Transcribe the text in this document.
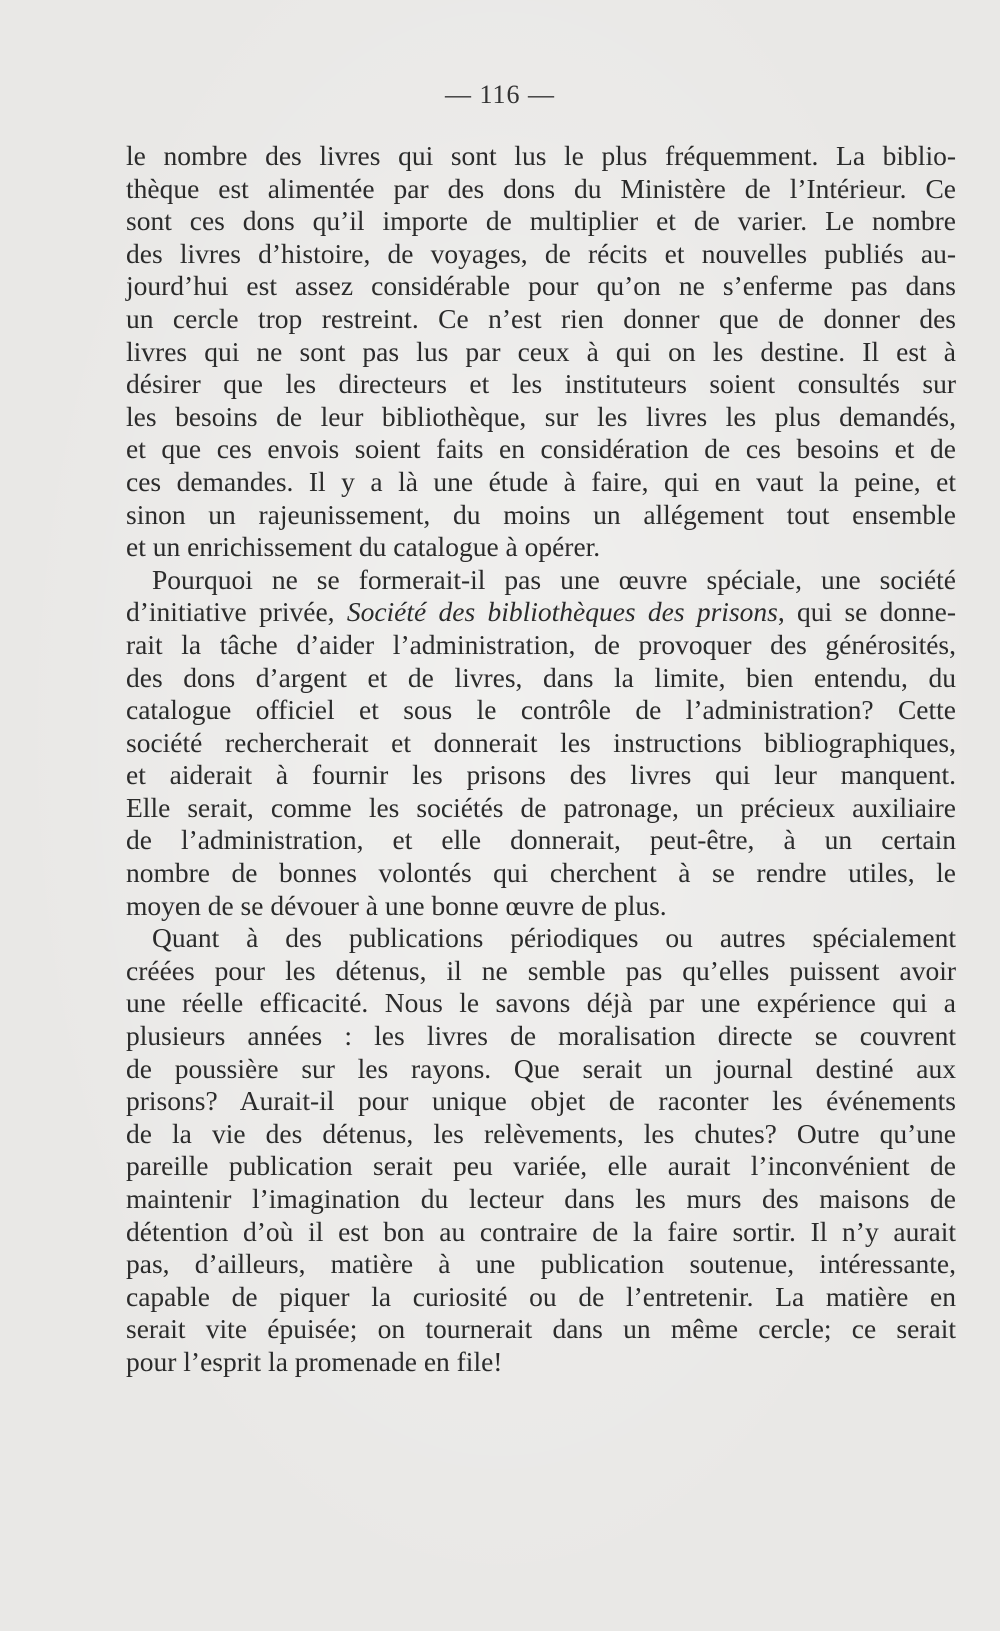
— 116 —
le nombre des livres qui sont lus le plus fréquemment. La biblio-
thèque est alimentée par des dons du Ministère de l’Intérieur. Ce
sont ces dons qu’il importe de multiplier et de varier. Le nombre
des livres d’histoire, de voyages, de récits et nouvelles publiés au-
jourd’hui est assez considérable pour qu’on ne s’enferme pas dans
un cercle trop restreint. Ce n’est rien donner que de donner des
livres qui ne sont pas lus par ceux à qui on les destine. Il est à
désirer que les directeurs et les instituteurs soient consultés sur
les besoins de leur bibliothèque, sur les livres les plus demandés,
et que ces envois soient faits en considération de ces besoins et de
ces demandes. Il y a là une étude à faire, qui en vaut la peine, et
sinon un rajeunissement, du moins un allégement tout ensemble
et un enrichissement du catalogue à opérer.
Pourquoi ne se formerait-il pas une œuvre spéciale, une société
d’initiative privée, Société des bibliothèques des prisons, qui se donne-
rait la tâche d’aider l’administration, de provoquer des générosités,
des dons d’argent et de livres, dans la limite, bien entendu, du
catalogue officiel et sous le contrôle de l’administration? Cette
société rechercherait et donnerait les instructions bibliographiques,
et aiderait à fournir les prisons des livres qui leur manquent.
Elle serait, comme les sociétés de patronage, un précieux auxiliaire
de l’administration, et elle donnerait, peut-être, à un certain
nombre de bonnes volontés qui cherchent à se rendre utiles, le
moyen de se dévouer à une bonne œuvre de plus.
Quant à des publications périodiques ou autres spécialement
créées pour les détenus, il ne semble pas qu’elles puissent avoir
une réelle efficacité. Nous le savons déjà par une expérience qui a
plusieurs années : les livres de moralisation directe se couvrent
de poussière sur les rayons. Que serait un journal destiné aux
prisons? Aurait-il pour unique objet de raconter les événements
de la vie des détenus, les relèvements, les chutes? Outre qu’une
pareille publication serait peu variée, elle aurait l’inconvénient de
maintenir l’imagination du lecteur dans les murs des maisons de
détention d’où il est bon au contraire de la faire sortir. Il n’y aurait
pas, d’ailleurs, matière à une publication soutenue, intéressante,
capable de piquer la curiosité ou de l’entretenir. La matière en
serait vite épuisée; on tournerait dans un même cercle; ce serait
pour l’esprit la promenade en file!
